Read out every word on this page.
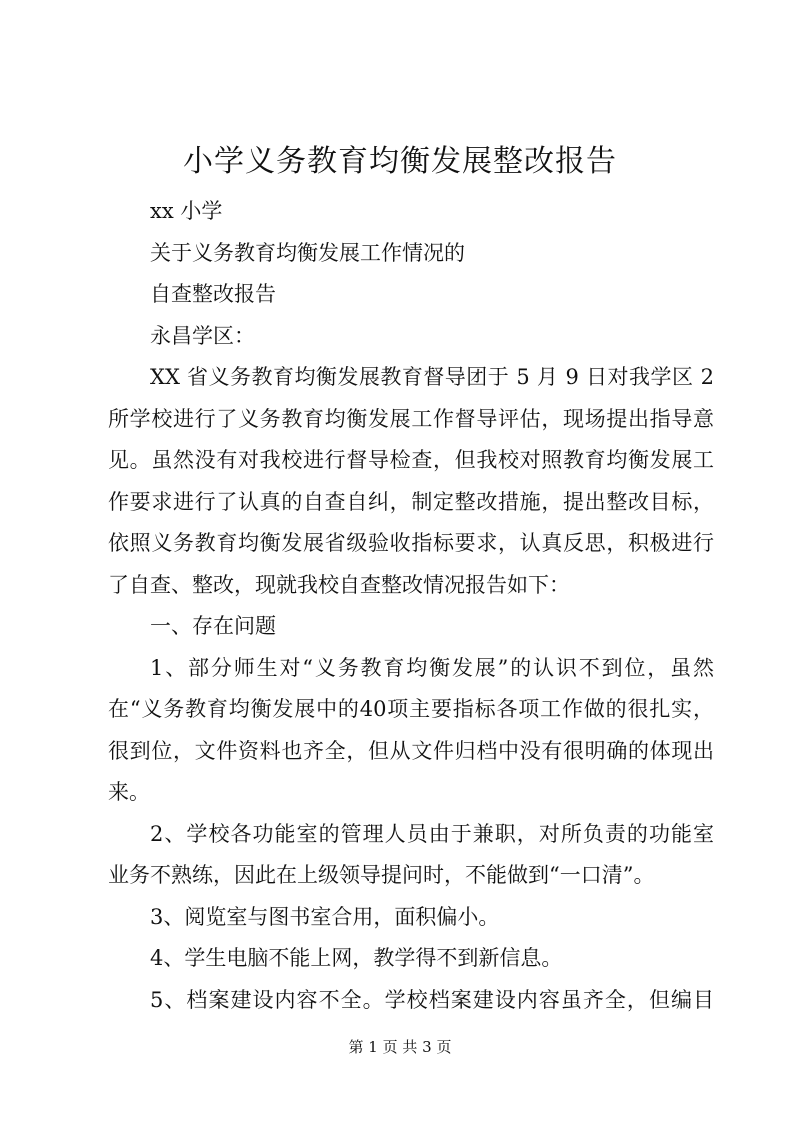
小学义务教育均衡发展整改报告
xx 小学
关于义务教育均衡发展工作情况的
自查整改报告
永昌学区：
XX 省义务教育均衡发展教育督导团于 5 月 9 日对我学区 2
所学校进行了义务教育均衡发展工作督导评估，现场提出指导意
见。虽然没有对我校进行督导检查，但我校对照教育均衡发展工
作要求进行了认真的自查自纠，制定整改措施，提出整改目标，
依照义务教育均衡发展省级验收指标要求，认真反思，积极进行
了自查、整改，现就我校自查整改情况报告如下：
一、存在问题
1、部分师生对“义务教育均衡发展”的认识不到位，虽然
在“义务教育均衡发展中的40项主要指标各项工作做的很扎实，
很到位，文件资料也齐全，但从文件归档中没有很明确的体现出
来。
2、学校各功能室的管理人员由于兼职，对所负责的功能室
业务不熟练，因此在上级领导提问时，不能做到“一口清”。
3、阅览室与图书室合用，面积偏小。
4、学生电脑不能上网，教学得不到新信息。
5、档案建设内容不全。学校档案建设内容虽齐全，但编目
第 1 页 共 3 页
